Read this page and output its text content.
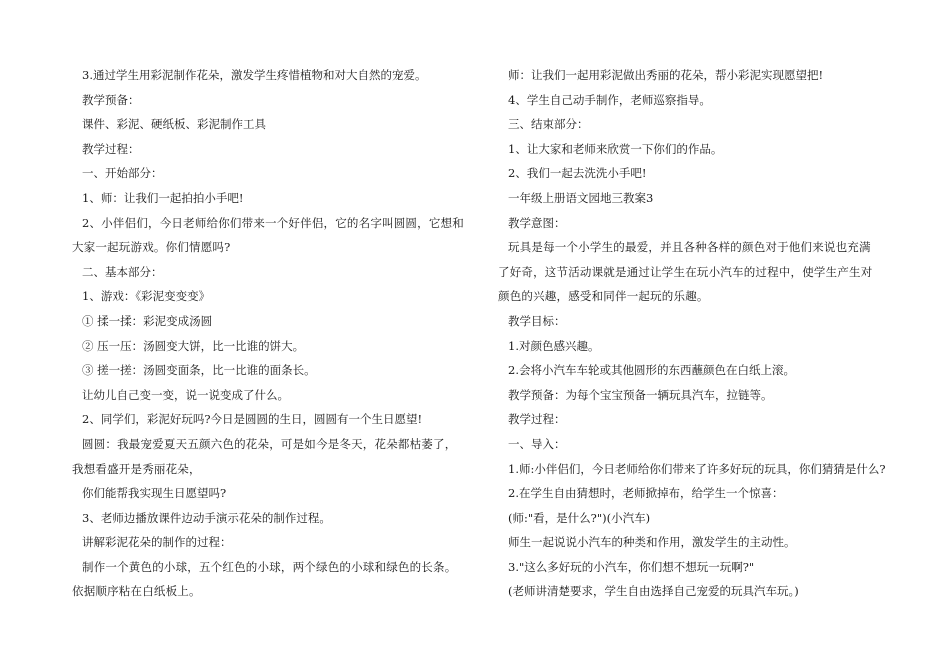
3.通过学生用彩泥制作花朵，激发学生疼惜植物和对大自然的宠爱。

教学预备：

课件、彩泥、硬纸板、彩泥制作工具

教学过程：

一、开始部分：

1、师：让我们一起拍拍小手吧!

2、小伴侣们，今日老师给你们带来一个好伴侣，它的名字叫圆圆，它想和大家一起玩游戏。你们情愿吗?

二、基本部分：

1、游戏：《彩泥变变变》

① 揉一揉：彩泥变成汤圆

② 压一压：汤圆变大饼，比一比谁的饼大。

③ 搓一搓：汤圆变面条，比一比谁的面条长。

让幼儿自己变一变，说一说变成了什么。

2、同学们，彩泥好玩吗?今日是圆圆的生日，圆圆有一个生日愿望!

圆圆：我最宠爱夏天五颜六色的花朵，可是如今是冬天，花朵都枯萎了，我想看盛开是秀丽花朵，

你们能帮我实现生日愿望吗?

3、老师边播放课件边动手演示花朵的制作过程。

讲解彩泥花朵的制作的过程：

制作一个黄色的小球，五个红色的小球，两个绿色的小球和绿色的长条。依据顺序粘在白纸板上。

师：让我们一起用彩泥做出秀丽的花朵，帮小彩泥实现愿望把!

4、学生自己动手制作，老师巡察指导。

三、结束部分：

1、让大家和老师来欣赏一下你们的作品。

2、我们一起去洗洗小手吧!

一年级上册语文园地三教案3

教学意图：

玩具是每一个小学生的最爱，并且各种各样的颜色对于他们来说也充满了好奇，这节活动课就是通过让学生在玩小汽车的过程中，使学生产生对颜色的兴趣，感受和同伴一起玩的乐趣。

教学目标：

1.对颜色感兴趣。

2.会将小汽车车轮或其他圆形的东西蘸颜色在白纸上滚。

教学预备：为每个宝宝预备一辆玩具汽车，拉链等。

教学过程：

一、导入：

1.师:小伴侣们，今日老师给你们带来了许多好玩的玩具，你们猜猜是什么?

2.在学生自由猜想时，老师掀掉布，给学生一个惊喜：

(师:"看，是什么?")(小汽车)

师生一起说说小汽车的种类和作用，激发学生的主动性。

3."这么多好玩的小汽车，你们想不想玩一玩啊?"

(老师讲清楚要求，学生自由选择自己宠爱的玩具汽车玩。)
